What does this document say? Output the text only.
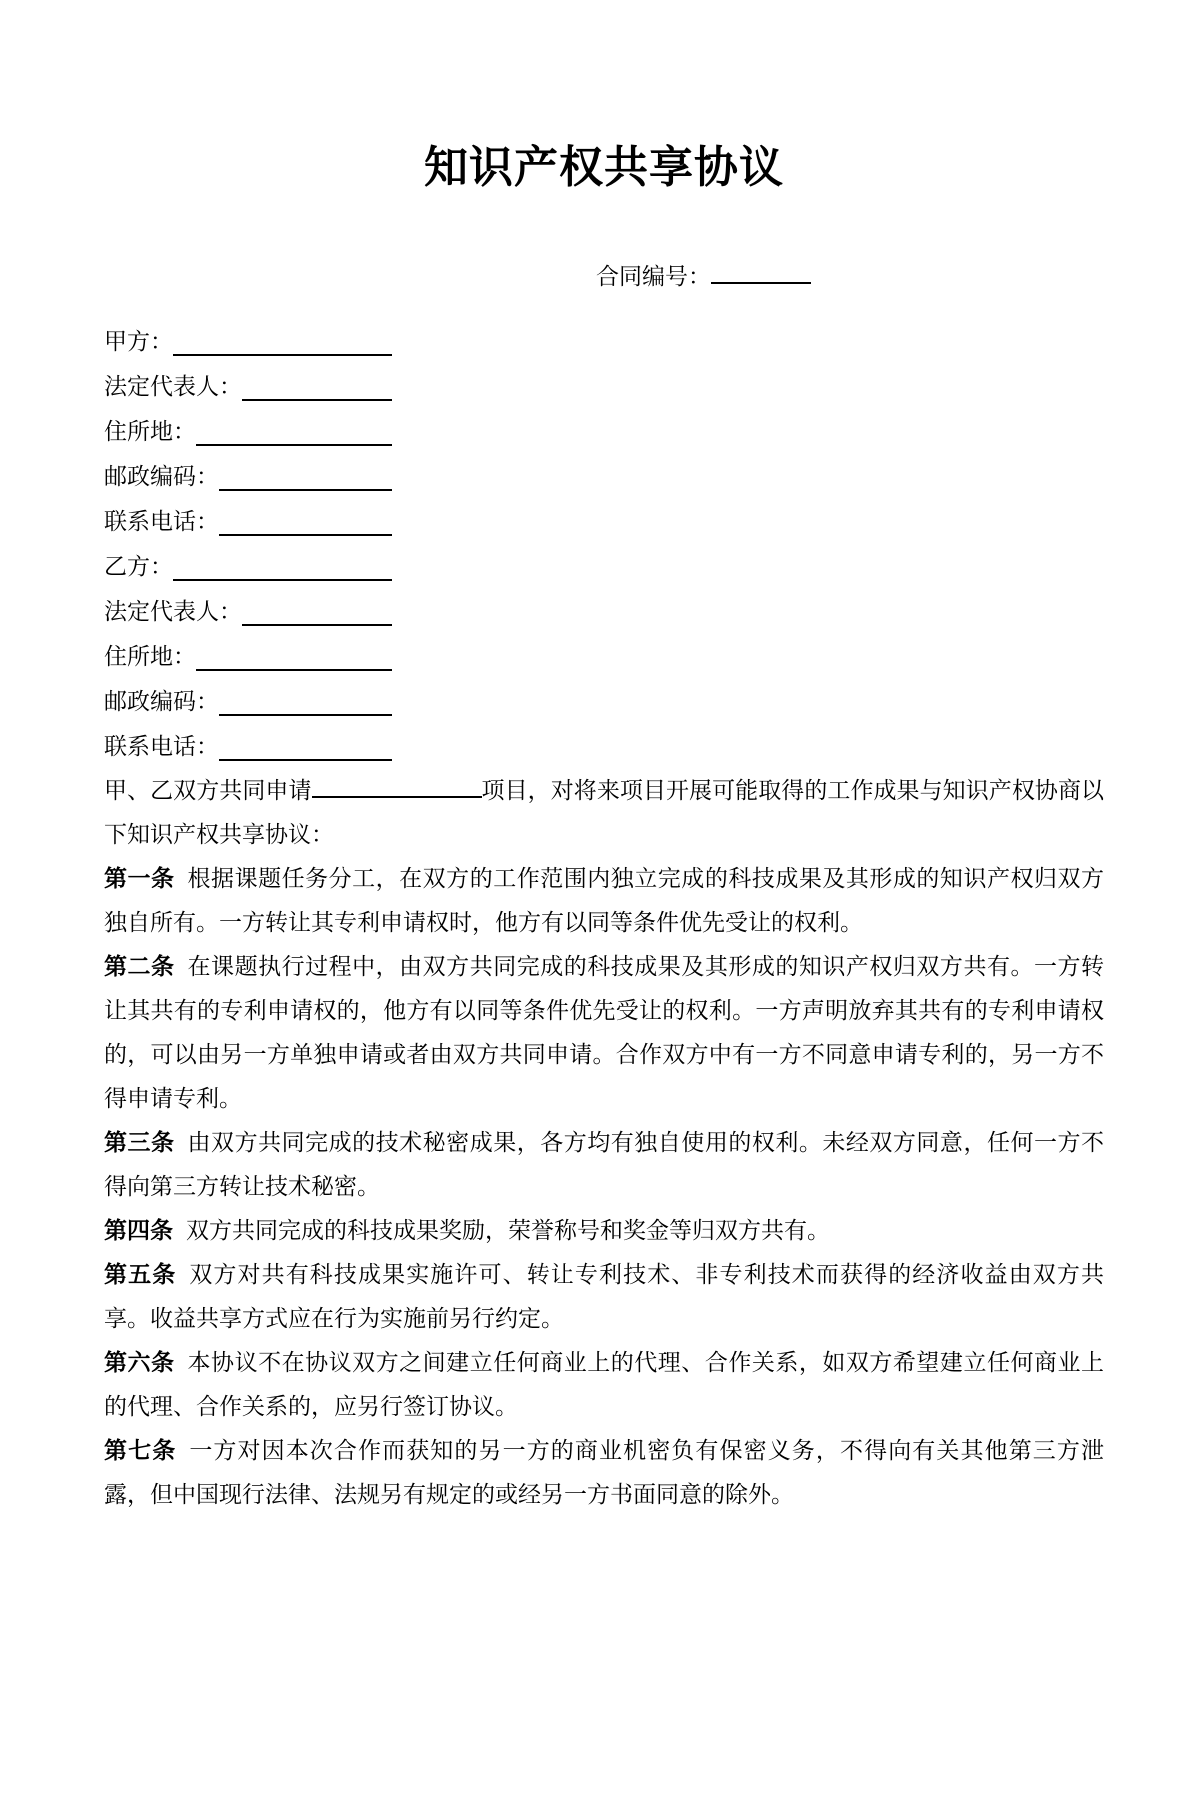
知识产权共享协议
合同编号：
甲方：
法定代表人：
住所地：
邮政编码：
联系电话：
乙方：
法定代表人：
住所地：
邮政编码：
联系电话：

甲、乙双方共同申请	项目，对将来项目开展可能取得的工作成果与知识产权协商以下知识产权共享协议：

第一条 根据课题任务分工，在双方的工作范围内独立完成的科技成果及其形成的知识产权归双方独自所有。一方转让其专利申请权时，他方有以同等条件优先受让的权利。

第二条 在课题执行过程中，由双方共同完成的科技成果及其形成的知识产权归双方共有。一方转让其共有的专利申请权的，他方有以同等条件优先受让的权利。一方声明放弃其共有的专利申请权的，可以由另一方单独申请或者由双方共同申请。合作双方中有一方不同意申请专利的，另一方不得申请专利。

第三条 由双方共同完成的技术秘密成果，各方均有独自使用的权利。未经双方同意，任何一方不得向第三方转让技术秘密。

第四条 双方共同完成的科技成果奖励，荣誉称号和奖金等归双方共有。

第五条 双方对共有科技成果实施许可、转让专利技术、非专利技术而获得的经济收益由双方共享。收益共享方式应在行为实施前另行约定。

第六条 本协议不在协议双方之间建立任何商业上的代理、合作关系，如双方希望建立任何商业上的代理、合作关系的，应另行签订协议。

第七条 一方对因本次合作而获知的另一方的商业机密负有保密义务，不得向有关其他第三方泄露，但中国现行法律、法规另有规定的或经另一方书面同意的除外。
